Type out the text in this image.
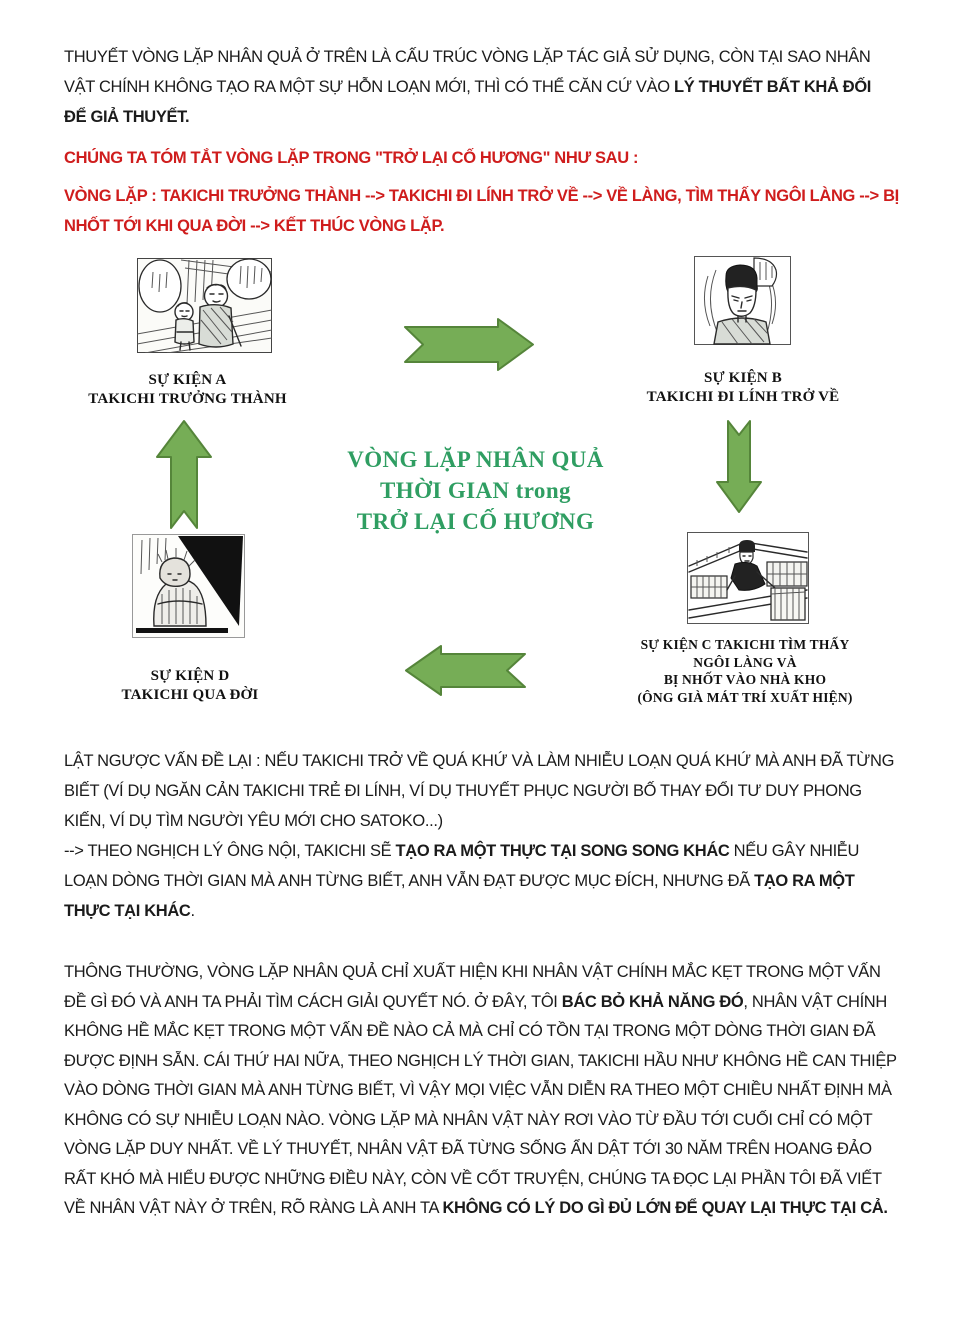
THUYẾT VÒNG LẶP NHÂN QUẢ Ở TRÊN LÀ CẤU TRÚC VÒNG LẶP TÁC GIẢ SỬ DỤNG, CÒN TẠI SAO NHÂN VẬT CHÍNH KHÔNG TẠO RA MỘT SỰ HỖN LOẠN MỚI, THÌ CÓ THỂ CĂN CỨ VÀO LÝ THUYẾT BẤT KHẢ ĐỐI ĐỂ GIẢ THUYẾT.

CHÚNG TA TÓM TẮT VÒNG LẶP TRONG "TRỞ LẠI CỐ HƯƠNG" NHƯ SAU :

VÒNG LẶP : TAKICHI TRƯỞNG THÀNH --> TAKICHI ĐI LÍNH TRỞ VỀ --> VỀ LÀNG, TÌM THẤY NGÔI LÀNG --> BỊ NHỐT TỚI KHI QUA ĐỜI --> KẾT THÚC VÒNG LẶP.

SỰ KIỆN A
TAKICHI TRƯỞNG THÀNH
SỰ KIỆN B
TAKICHI ĐI LÍNH TRỞ VỀ
VÒNG LẶP NHÂN QUẢ
THỜI GIAN trong
TRỞ LẠI CỐ HƯƠNG
SỰ KIỆN C TAKICHI TÌM THẤY
NGÔI LÀNG VÀ
BỊ NHỐT VÀO NHÀ KHO
(ÔNG GIÀ MÁT TRÍ XUẤT HIỆN)
SỰ KIỆN D
TAKICHI QUA ĐỜI

LẬT NGƯỢC VẤN ĐỀ LẠI : NẾU TAKICHI TRỞ VỀ QUÁ KHỨ VÀ LÀM NHIỄU LOẠN QUÁ KHỨ MÀ ANH ĐÃ TỪNG BIẾT (VÍ DỤ NGĂN CẢN TAKICHI TRẺ ĐI LÍNH, VÍ DỤ THUYẾT PHỤC NGƯỜI BỐ THAY ĐỔI TƯ DUY PHONG KIẾN, VÍ DỤ TÌM NGƯỜI YÊU MỚI CHO SATOKO...)
--> THEO NGHỊCH LÝ ÔNG NỘI, TAKICHI SẼ TẠO RA MỘT THỰC TẠI SONG SONG KHÁC NẾU GÂY NHIỄU LOẠN DÒNG THỜI GIAN MÀ ANH TỪNG BIẾT, ANH VẪN ĐẠT ĐƯỢC MỤC ĐÍCH, NHƯNG ĐÃ TẠO RA MỘT THỰC TẠI KHÁC.

THÔNG THƯỜNG, VÒNG LẶP NHÂN QUẢ CHỈ XUẤT HIỆN KHI NHÂN VẬT CHÍNH MẮC KẸT TRONG MỘT VẤN ĐỀ GÌ ĐÓ VÀ ANH TA PHẢI TÌM CÁCH GIẢI QUYẾT NÓ. Ở ĐÂY, TÔI BÁC BỎ KHẢ NĂNG ĐÓ, NHÂN VẬT CHÍNH KHÔNG HỀ MẮC KẸT TRONG MỘT VẤN ĐỀ NÀO CẢ MÀ CHỈ CÓ TỒN TẠI TRONG MỘT DÒNG THỜI GIAN ĐÃ ĐƯỢC ĐỊNH SẴN. CÁI THỨ HAI NỮA, THEO NGHỊCH LÝ THỜI GIAN, TAKICHI HẦU NHƯ KHÔNG HỀ CAN THIỆP VÀO DÒNG THỜI GIAN MÀ ANH TỪNG BIẾT, VÌ VẬY MỌI VIỆC VẪN DIỄN RA THEO MỘT CHIỀU NHẤT ĐỊNH MÀ KHÔNG CÓ SỰ NHIỄU LOẠN NÀO. VÒNG LẶP MÀ NHÂN VẬT NÀY RƠI VÀO TỪ ĐẦU TỚI CUỐI CHỈ CÓ MỘT VÒNG LẶP DUY NHẤT. VỀ LÝ THUYẾT, NHÂN VẬT ĐÃ TỪNG SỐNG ẨN DẬT TỚI 30 NĂM TRÊN HOANG ĐẢO RẤT KHÓ MÀ HIỂU ĐƯỢC NHỮNG ĐIỀU NÀY, CÒN VỀ CỐT TRUYỆN, CHÚNG TA ĐỌC LẠI PHẦN TÔI ĐÃ VIẾT VỀ NHÂN VẬT NÀY Ở TRÊN, RÕ RÀNG LÀ ANH TA KHÔNG CÓ LÝ DO GÌ ĐỦ LỚN ĐỂ QUAY LẠI THỰC TẠI CẢ.
